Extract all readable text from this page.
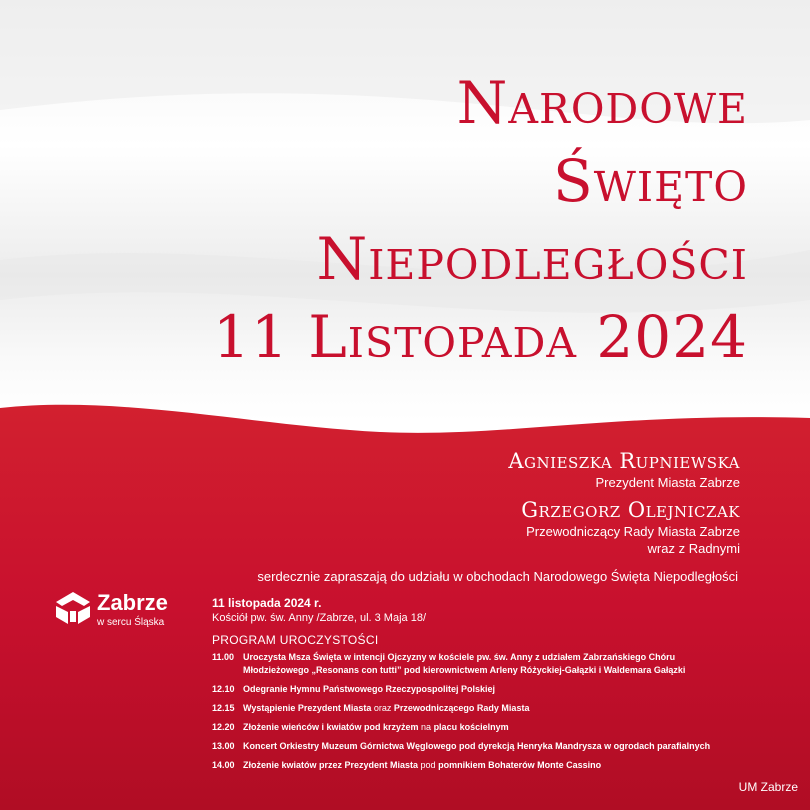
Narodowe
Święto
Niepodległości
11 Listopada 2024
Agnieszka Rupniewska
Prezydent Miasta Zabrze
Grzegorz Olejniczak
Przewodniczący Rady Miasta Zabrze
wraz z Radnymi
serdecznie zapraszają do udziału w obchodach Narodowego Święta Niepodległości
Zabrze
w sercu Śląska
11 listopada 2024 r.
Kościół pw. św. Anny /Zabrze, ul. 3 Maja 18/
PROGRAM UROCZYSTOŚCI
11.00 Uroczysta Msza Święta w intencji Ojczyzny w kościele pw. św. Anny z udziałem Zabrzańskiego Chóru
Młodzieżowego „Resonans con tutti” pod kierownictwem Arleny Różyckiej-Gałązki i Waldemara Gałązki
12.10 Odegranie Hymnu Państwowego Rzeczypospolitej Polskiej
12.15 Wystąpienie Prezydent Miasta oraz Przewodniczącego Rady Miasta
12.20 Złożenie wieńców i kwiatów pod krzyżem na placu kościelnym
13.00 Koncert Orkiestry Muzeum Górnictwa Węglowego pod dyrekcją Henryka Mandrysza w ogrodach parafialnych
14.00 Złożenie kwiatów przez Prezydent Miasta pod pomnikiem Bohaterów Monte Cassino
UM Zabrze
